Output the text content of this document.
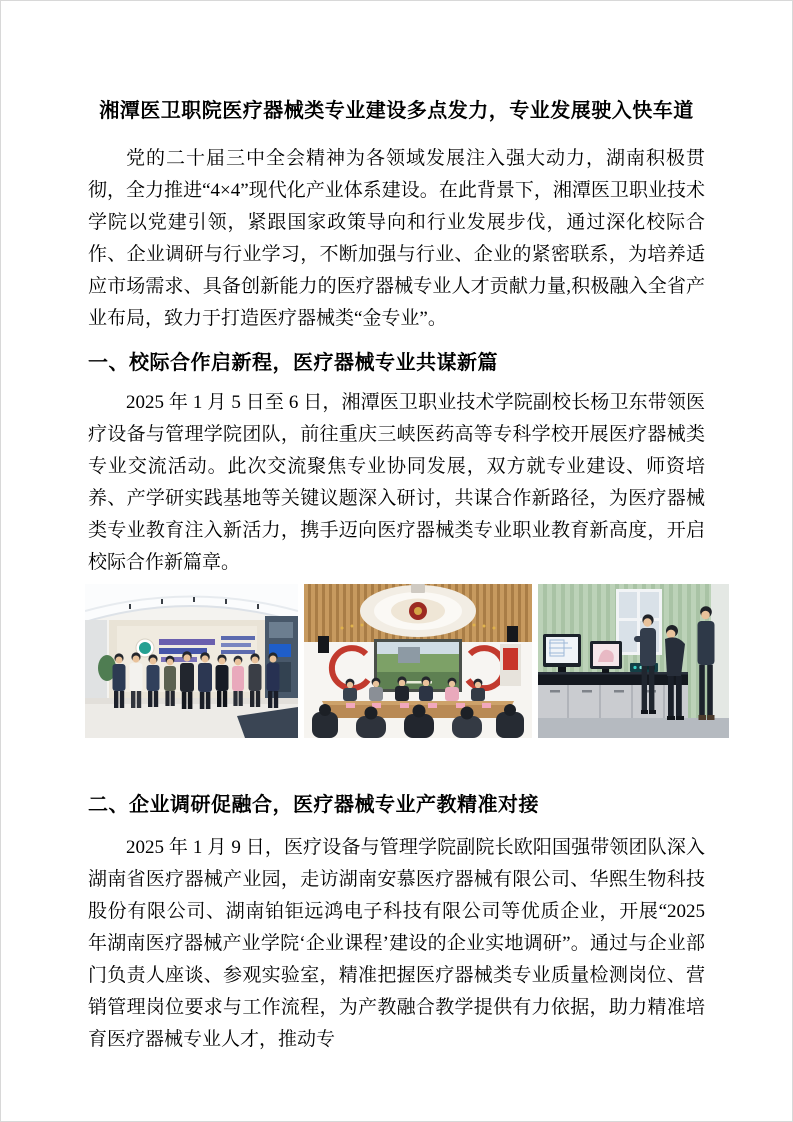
湘潭医卫职院医疗器械类专业建设多点发力，专业发展驶入快车道

党的二十届三中全会精神为各领域发展注入强大动力，湖南积极贯彻，全力推进“4×4”现代化产业体系建设。在此背景下，湘潭医卫职业技术学院以党建引领，紧跟国家政策导向和行业发展步伐，通过深化校际合作、企业调研与行业学习，不断加强与行业、企业的紧密联系，为培养适应市场需求、具备创新能力的医疗器械专业人才贡献力量,积极融入全省产业布局，致力于打造医疗器械类“金专业”。

一、校际合作启新程，医疗器械专业共谋新篇

2025 年 1 月 5 日至 6 日，湘潭医卫职业技术学院副校长杨卫东带领医疗设备与管理学院团队，前往重庆三峡医药高等专科学校开展医疗器械类专业交流活动。此次交流聚焦专业协同发展，双方就专业建设、师资培养、产学研实践基地等关键议题深入研讨，共谋合作新路径，为医疗器械类专业教育注入新活力，携手迈向医疗器械类专业职业教育新高度，开启校际合作新篇章。

二、企业调研促融合，医疗器械专业产教精准对接

2025 年 1 月 9 日，医疗设备与管理学院副院长欧阳国强带领团队深入湖南省医疗器械产业园，走访湖南安慕医疗器械有限公司、华熙生物科技股份有限公司、湖南铂钜远鸿电子科技有限公司等优质企业，开展“2025 年湖南医疗器械产业学院‘企业课程’建设的企业实地调研”。通过与企业部门负责人座谈、参观实验室，精准把握医疗器械类专业质量检测岗位、营销管理岗位要求与工作流程，为产教融合教学提供有力依据，助力精准培育医疗器械专业人才，推动专
